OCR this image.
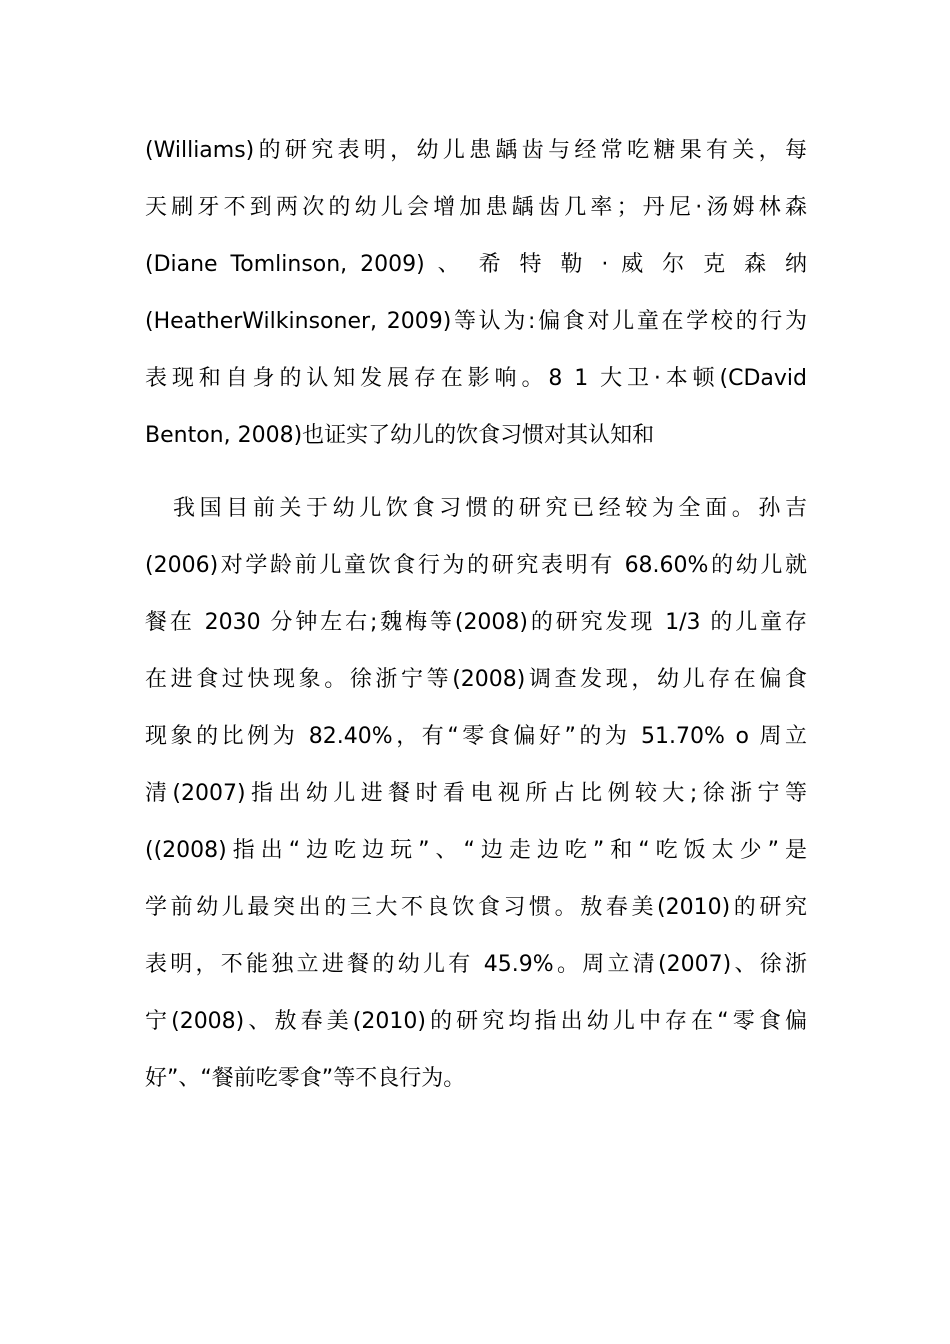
(Williams)的研究表明，幼儿患龋齿与经常吃糖果有关，每
天刷牙不到两次的幼儿会增加患龋齿几率；丹尼·汤姆林森
(Diane Tomlinson, 2009) 、 希 特 勒 · 威 尔 克 森 纳
(HeatherWilkinsoner, 2009)等认为:偏食对儿童在学校的行为
表现和自身的认知发展存在影响。8 1 大卫·本顿(CDavid
Benton, 2008)也证实了幼儿的饮食习惯对其认知和
我国目前关于幼儿饮食习惯的研究已经较为全面。孙吉
(2006)对学龄前儿童饮食行为的研究表明有 68.60%的幼儿就
餐在 2030 分钟左右;魏梅等(2008)的研究发现 1/3 的儿童存
在进食过快现象。徐浙宁等(2008)调查发现，幼儿存在偏食
现象的比例为 82.40%，有“零食偏好”的为 51.70% o 周立
清(2007)指出幼儿进餐时看电视所占比例较大;徐浙宁等
((2008)指出“边吃边玩”、“边走边吃”和“吃饭太少”是
学前幼儿最突出的三大不良饮食习惯。敖春美(2010)的研究
表明，不能独立进餐的幼儿有 45.9%。周立清(2007)、徐浙
宁(2008)、敖春美(2010)的研究均指出幼儿中存在“零食偏
好”、“餐前吃零食”等不良行为。
